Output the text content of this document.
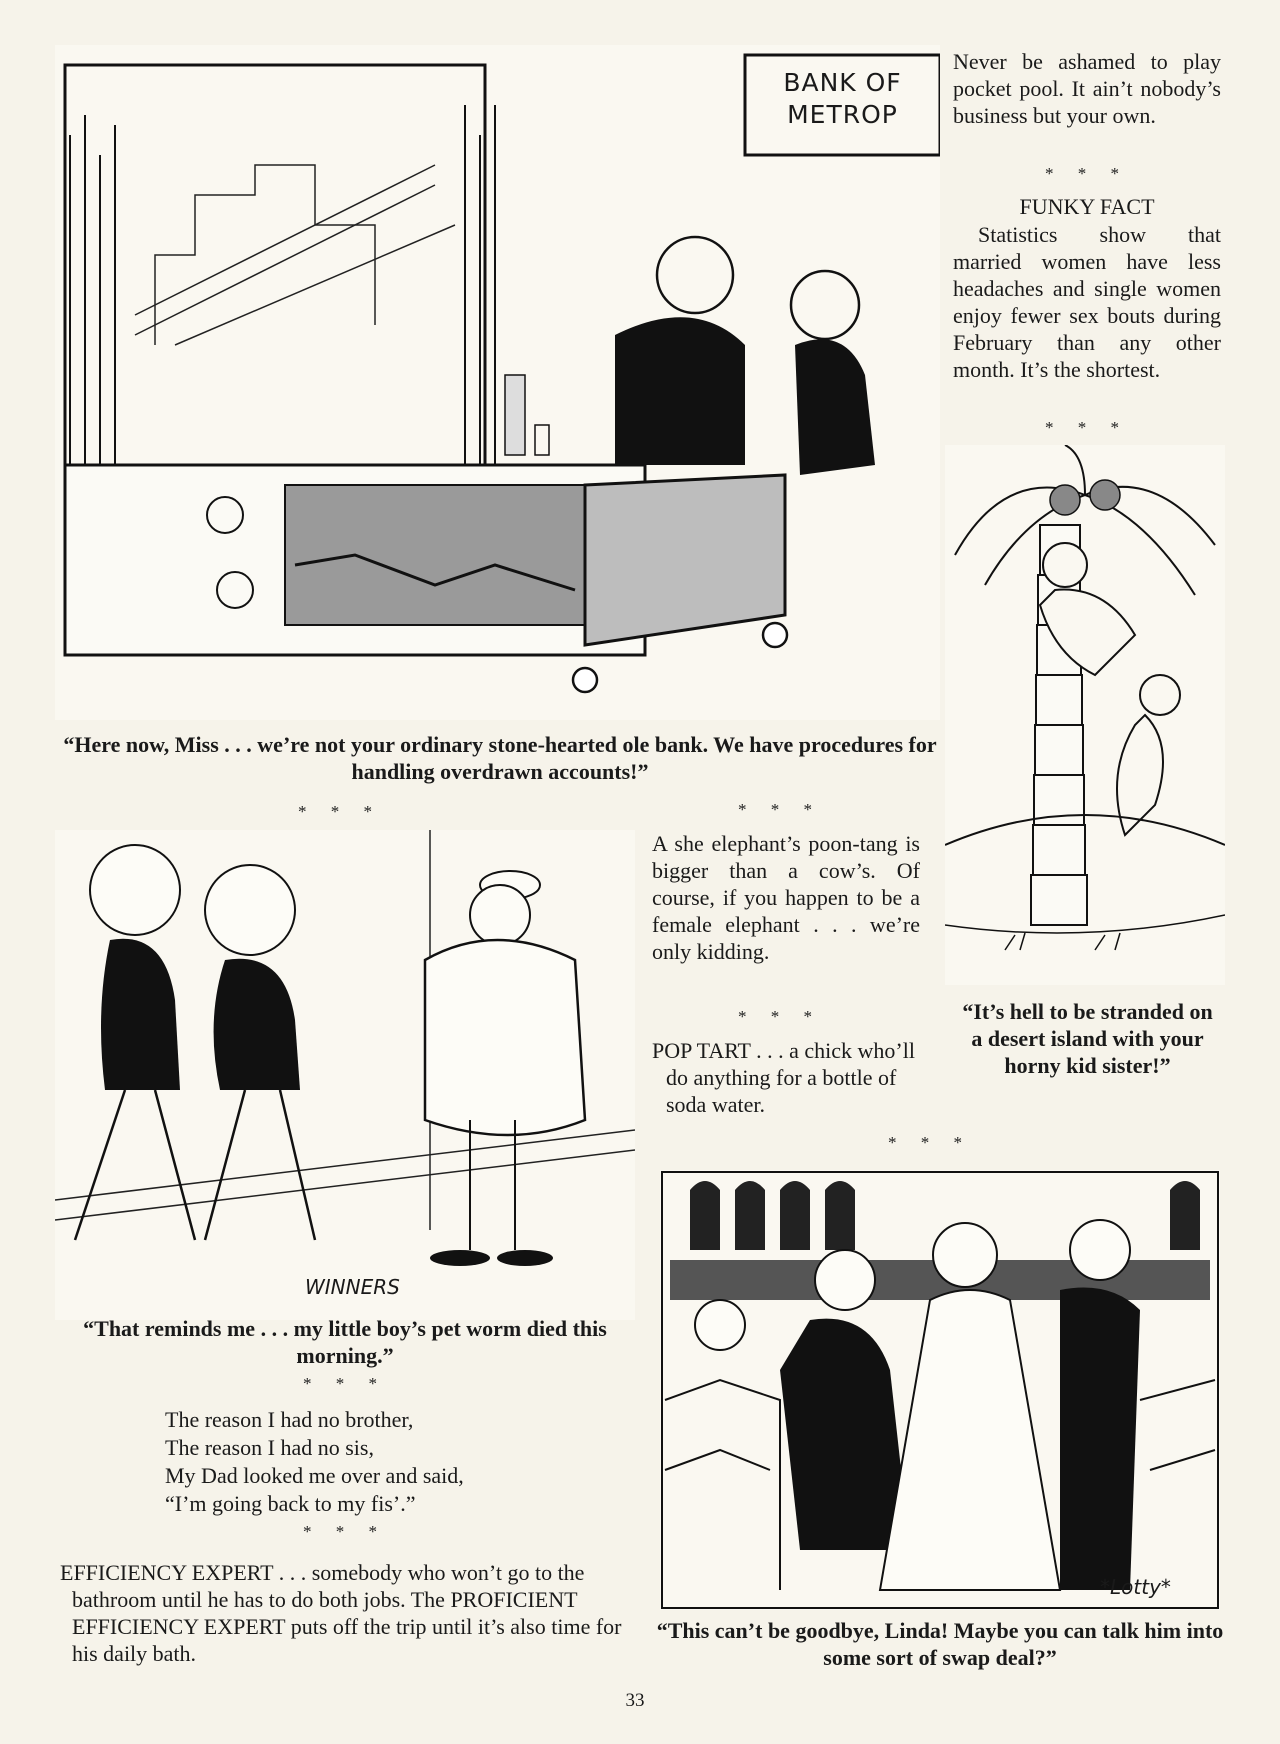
BANK OF
METROP
“Here now, Miss . . . we’re not your ordinary stone-hearted ole bank. We have procedures for handling overdrawn accounts!”
Never be ashamed to play pocket pool. It ain’t nobody’s business but your own.
* * *
FUNKY FACT
Statistics show that married women have less headaches and single women enjoy fewer sex bouts during February than any other month. It’s the shortest.
* * *
“It’s hell to be stranded on a desert island with your horny kid sister!”
* * *	* * *
A she elephant’s poon-tang is bigger than a cow’s. Of course, if you happen to be a female elephant . . . we’re only kidding.
* * *
POP TART . . . a chick who’ll do anything for a bottle of soda water.
* * *
WINNERS
“That reminds me . . . my little boy’s pet worm died this morning.”
* * *
The reason I had no brother,
The reason I had no sis,
My Dad looked me over and said,
“I’m going back to my fis’.”
* * *
EFFICIENCY EXPERT . . . somebody who won’t go to the bathroom until he has to do both jobs. The PROFICIENT EFFICIENCY EXPERT puts off the trip until it’s also time for his daily bath.
*Lotty*
“This can’t be goodbye, Linda! Maybe you can talk him into some sort of swap deal?”
33
